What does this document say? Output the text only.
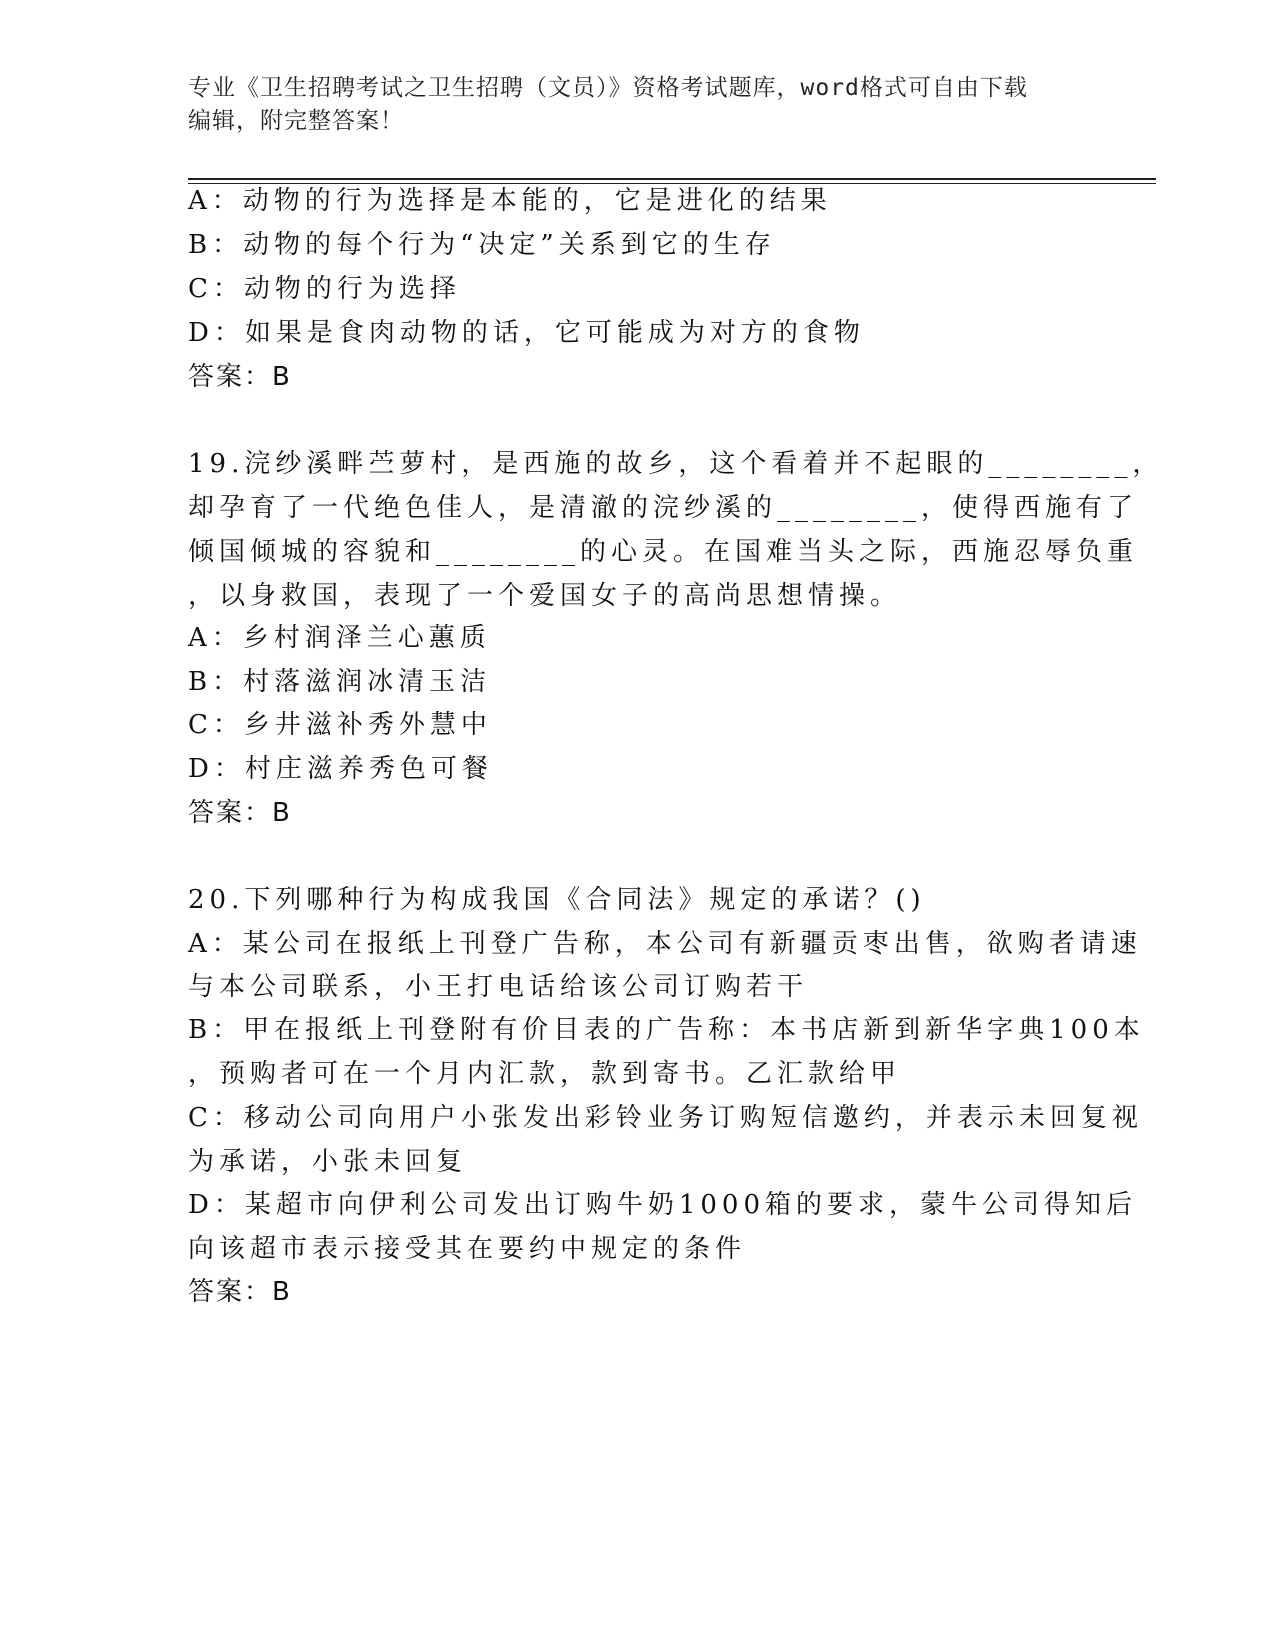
专业《卫生招聘考试之卫生招聘（文员）》资格考试题库，word格式可自由下载
编辑，附完整答案！
A：动物的行为选择是本能的，它是进化的结果
B：动物的每个行为“决定”关系到它的生存
C：动物的行为选择
D：如果是食肉动物的话，它可能成为对方的食物
答案：B
19.浣纱溪畔苎萝村，是西施的故乡，这个看着并不起眼的________，
却孕育了一代绝色佳人，是清澈的浣纱溪的________，使得西施有了
倾国倾城的容貌和________的心灵。在国难当头之际，西施忍辱负重
，以身救国，表现了一个爱国女子的高尚思想情操。
A：乡村润泽兰心蕙质
B：村落滋润冰清玉洁
C：乡井滋补秀外慧中
D：村庄滋养秀色可餐
答案：B
20.下列哪种行为构成我国《合同法》规定的承诺？()
A：某公司在报纸上刊登广告称，本公司有新疆贡枣出售，欲购者请速
与本公司联系，小王打电话给该公司订购若干
B：甲在报纸上刊登附有价目表的广告称：本书店新到新华字典100本
，预购者可在一个月内汇款，款到寄书。乙汇款给甲
C：移动公司向用户小张发出彩铃业务订购短信邀约，并表示未回复视
为承诺，小张未回复
D：某超市向伊利公司发出订购牛奶1000箱的要求，蒙牛公司得知后
向该超市表示接受其在要约中规定的条件
答案：B
